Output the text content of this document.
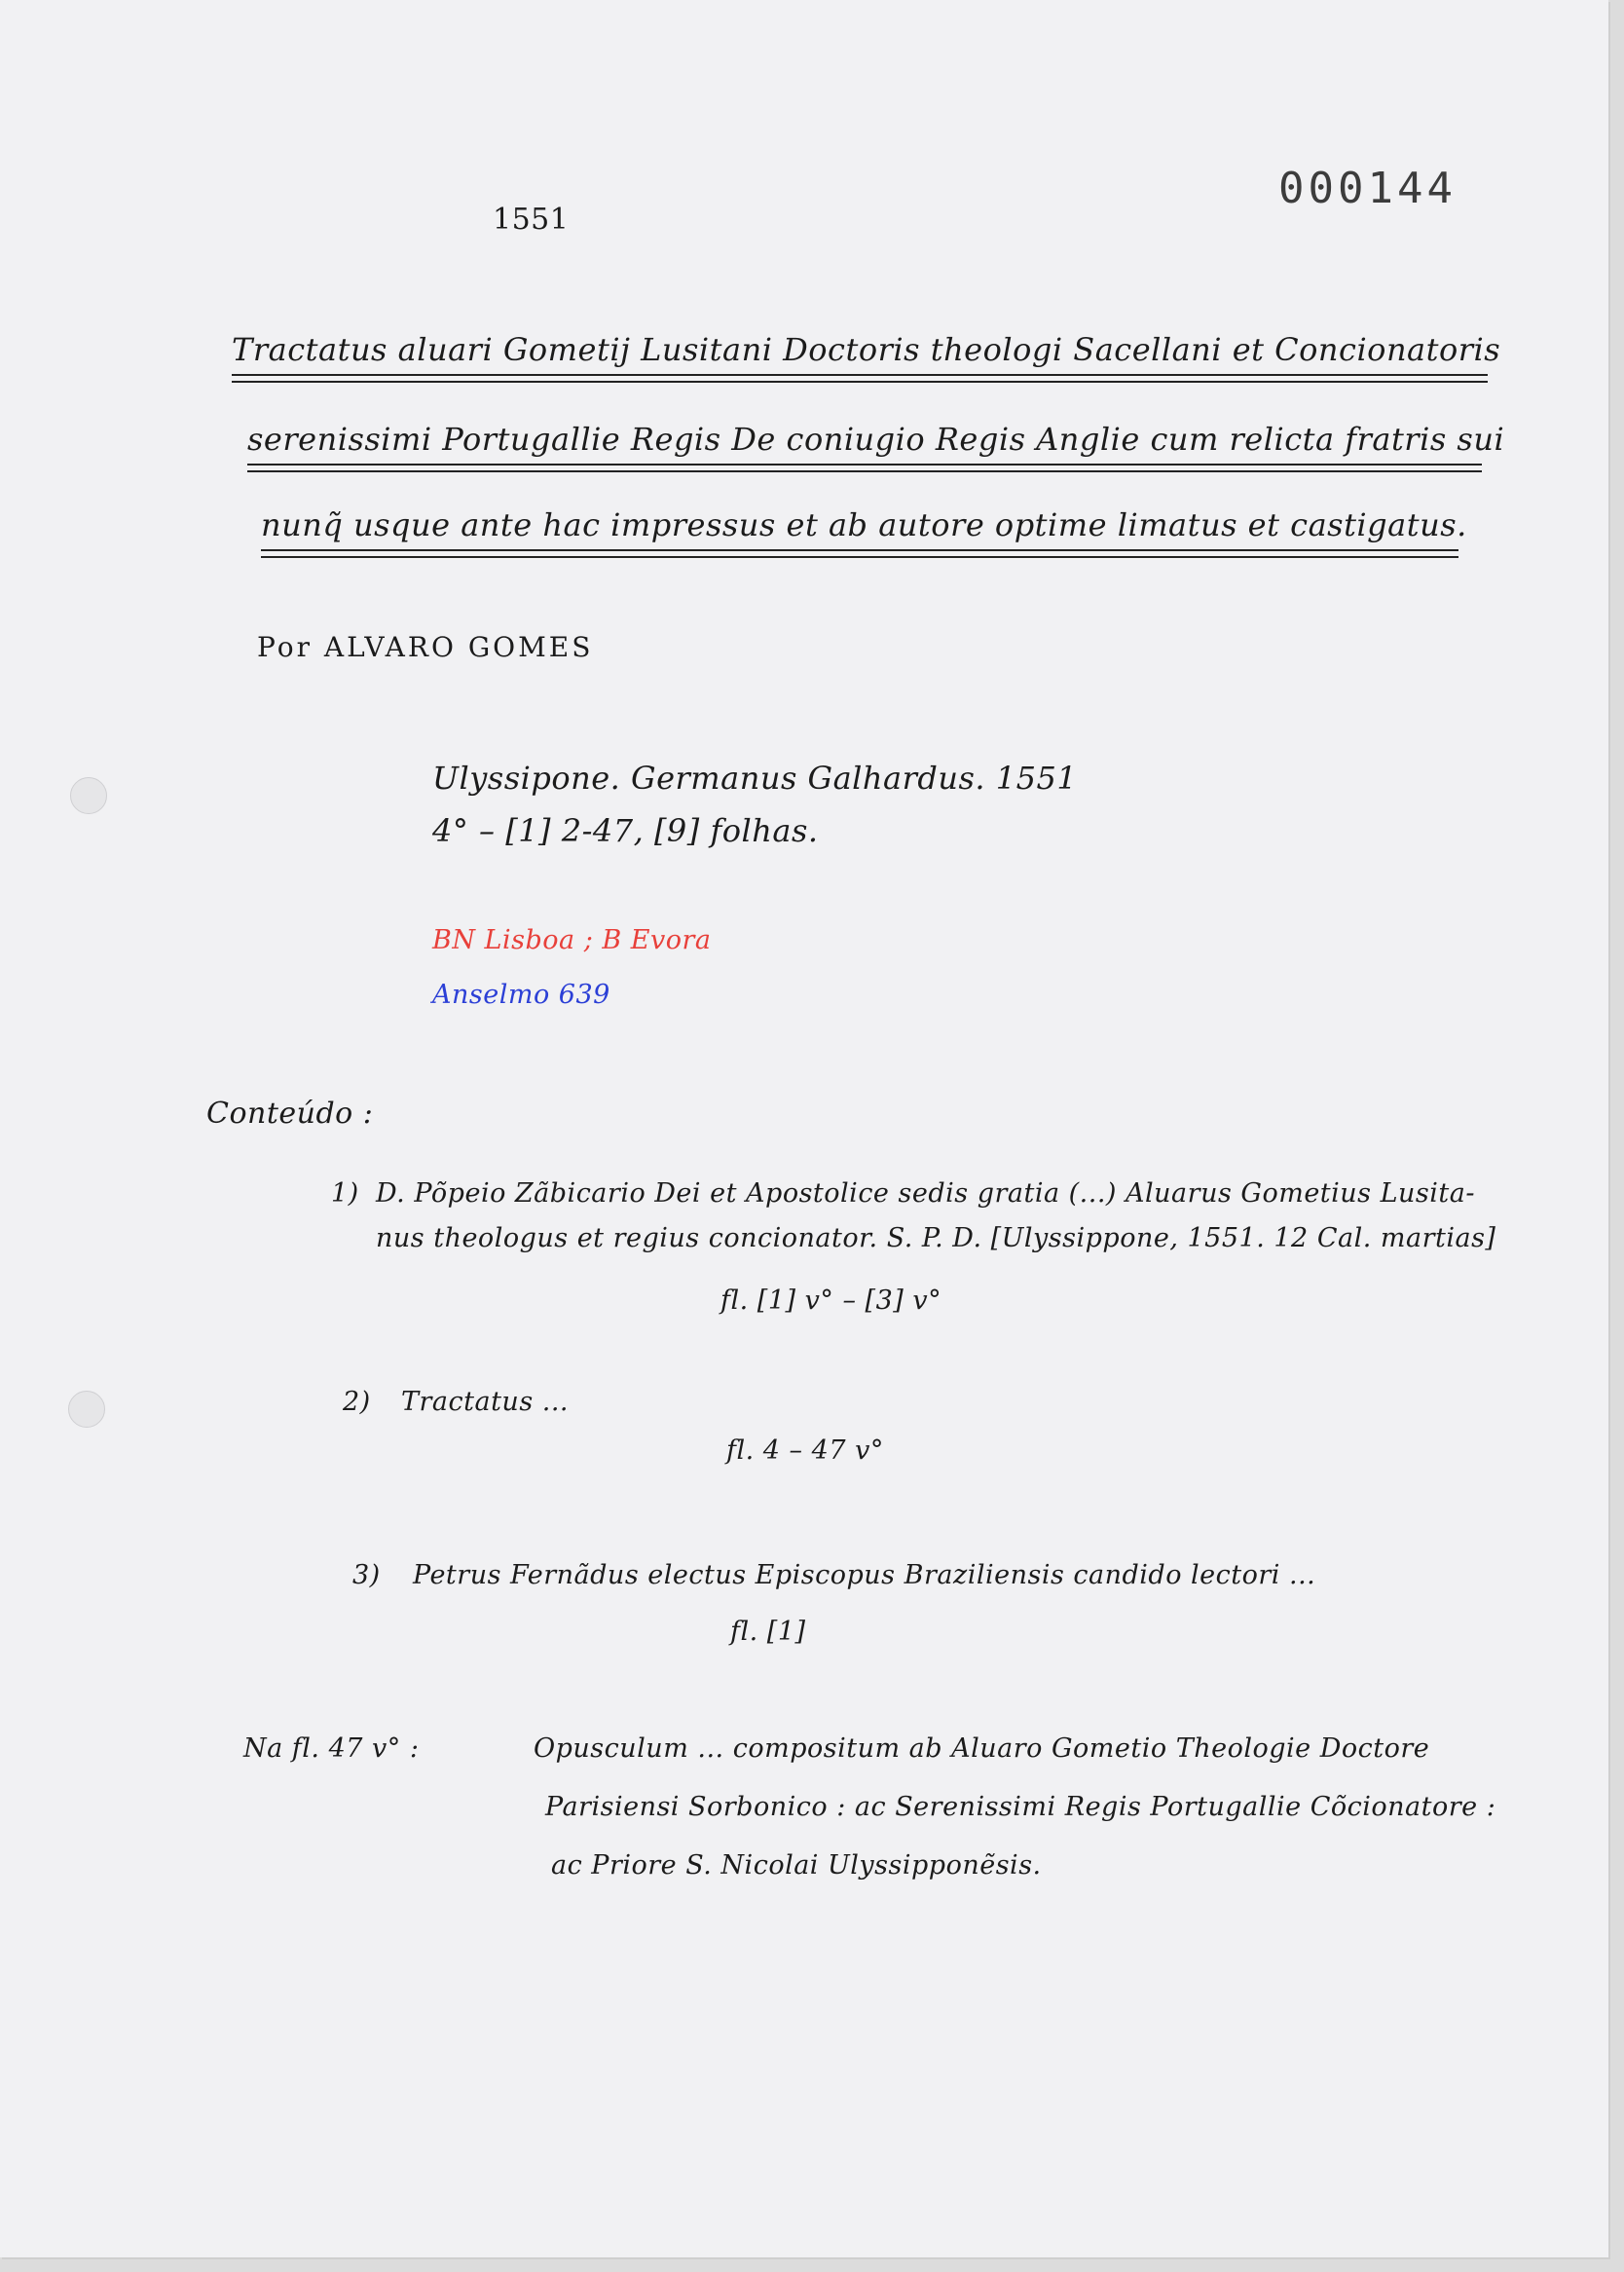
000144
1551
Tractatus aluari Gometij Lusitani Doctoris theologi Sacellani et Concionatoris
serenissimi Portugallie Regis De coniugio Regis Anglie cum relicta fratris sui
nunq̃ usque ante hac impressus et ab autore optime limatus et castigatus.
Por ALVARO GOMES
Ulyssipone. Germanus Galhardus. 1551
4° – [1] 2-47, [9] folhas.
BN Lisboa ; B Evora
Anselmo 639
Conteúdo :
1) D. Põpeio Zãbicario Dei et Apostolice sedis gratia (...) Aluarus Gometius Lusita-
nus theologus et regius concionator. S. P. D. [Ulyssippone, 1551. 12 Cal. martias]
fl. [1] v° – [3] v°
2) Tractatus ...
fl. 4 – 47 v°
3) Petrus Fernãdus electus Episcopus Braziliensis candido lectori ...
fl. [1]
Na fl. 47 v° :	Opusculum ... compositum ab Aluaro Gometio Theologie Doctore
Parisiensi Sorbonico : ac Serenissimi Regis Portugallie Cõcionatore :
ac Priore S. Nicolai Ulyssipponẽsis.
